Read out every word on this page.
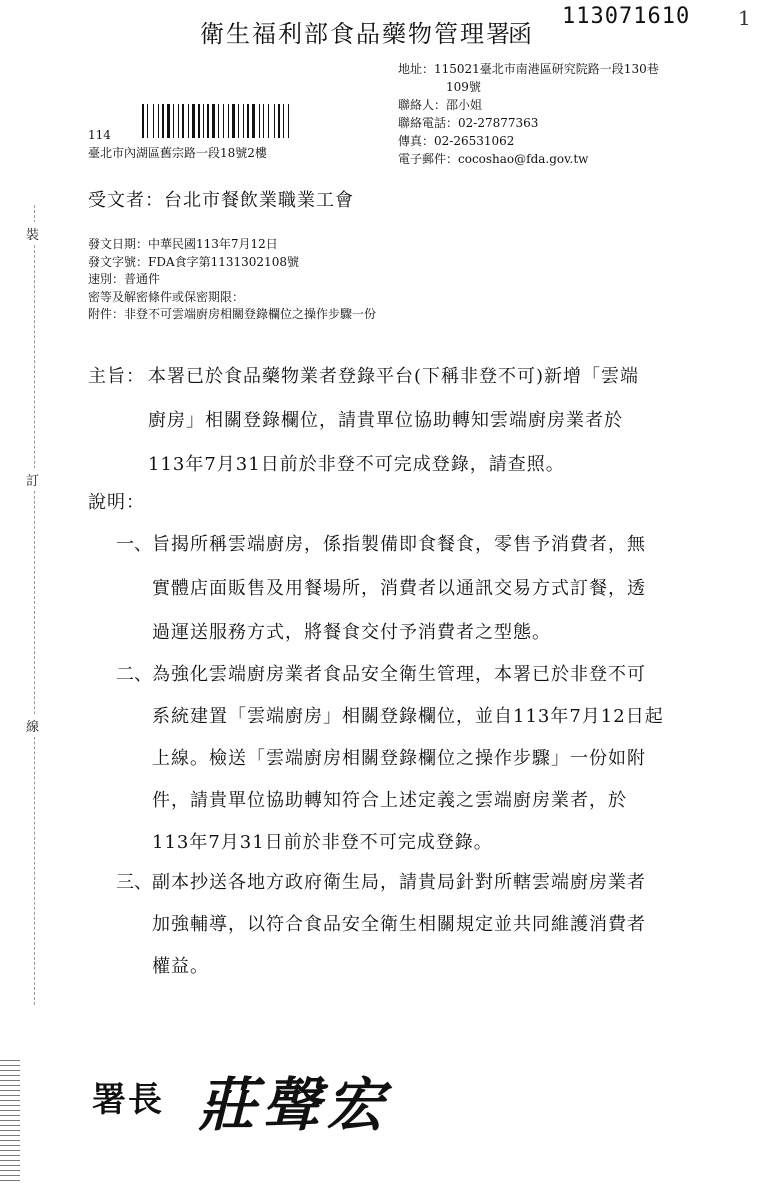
裝
訂
線
衛生福利部食品藥物管理署
函
113071610 1
地址：115021臺北市南港區研究院路一段130巷
109號
聯絡人：邵小姐
聯絡電話：02-27877363
傳真：02-26531062
電子郵件：cocoshao@fda.gov.tw
114
臺北市內湖區舊宗路一段18號2樓
受文者：台北市餐飲業職業工會
發文日期：中華民國113年7月12日
發文字號：FDA食字第1131302108號
速別：普通件
密等及解密條件或保密期限：
附件：非登不可雲端廚房相關登錄欄位之操作步驟一份
主旨： 本署已於食品藥物業者登錄平台(下稱非登不可)新增「雲端
廚房」相關登錄欄位，請貴單位協助轉知雲端廚房業者於
113年7月31日前於非登不可完成登錄，請查照。
說明：
一、 旨揭所稱雲端廚房，係指製備即食餐食，零售予消費者，無
實體店面販售及用餐場所，消費者以通訊交易方式訂餐，透
過運送服務方式，將餐食交付予消費者之型態。
二、 為強化雲端廚房業者食品安全衛生管理，本署已於非登不可
系統建置「雲端廚房」相關登錄欄位，並自113年7月12日起
上線。檢送「雲端廚房相關登錄欄位之操作步驟」一份如附
件，請貴單位協助轉知符合上述定義之雲端廚房業者，於
113年7月31日前於非登不可完成登錄。
三、 副本抄送各地方政府衛生局，請貴局針對所轄雲端廚房業者
加強輔導，以符合食品安全衛生相關規定並共同維護消費者
權益。
署長 莊聲宏
